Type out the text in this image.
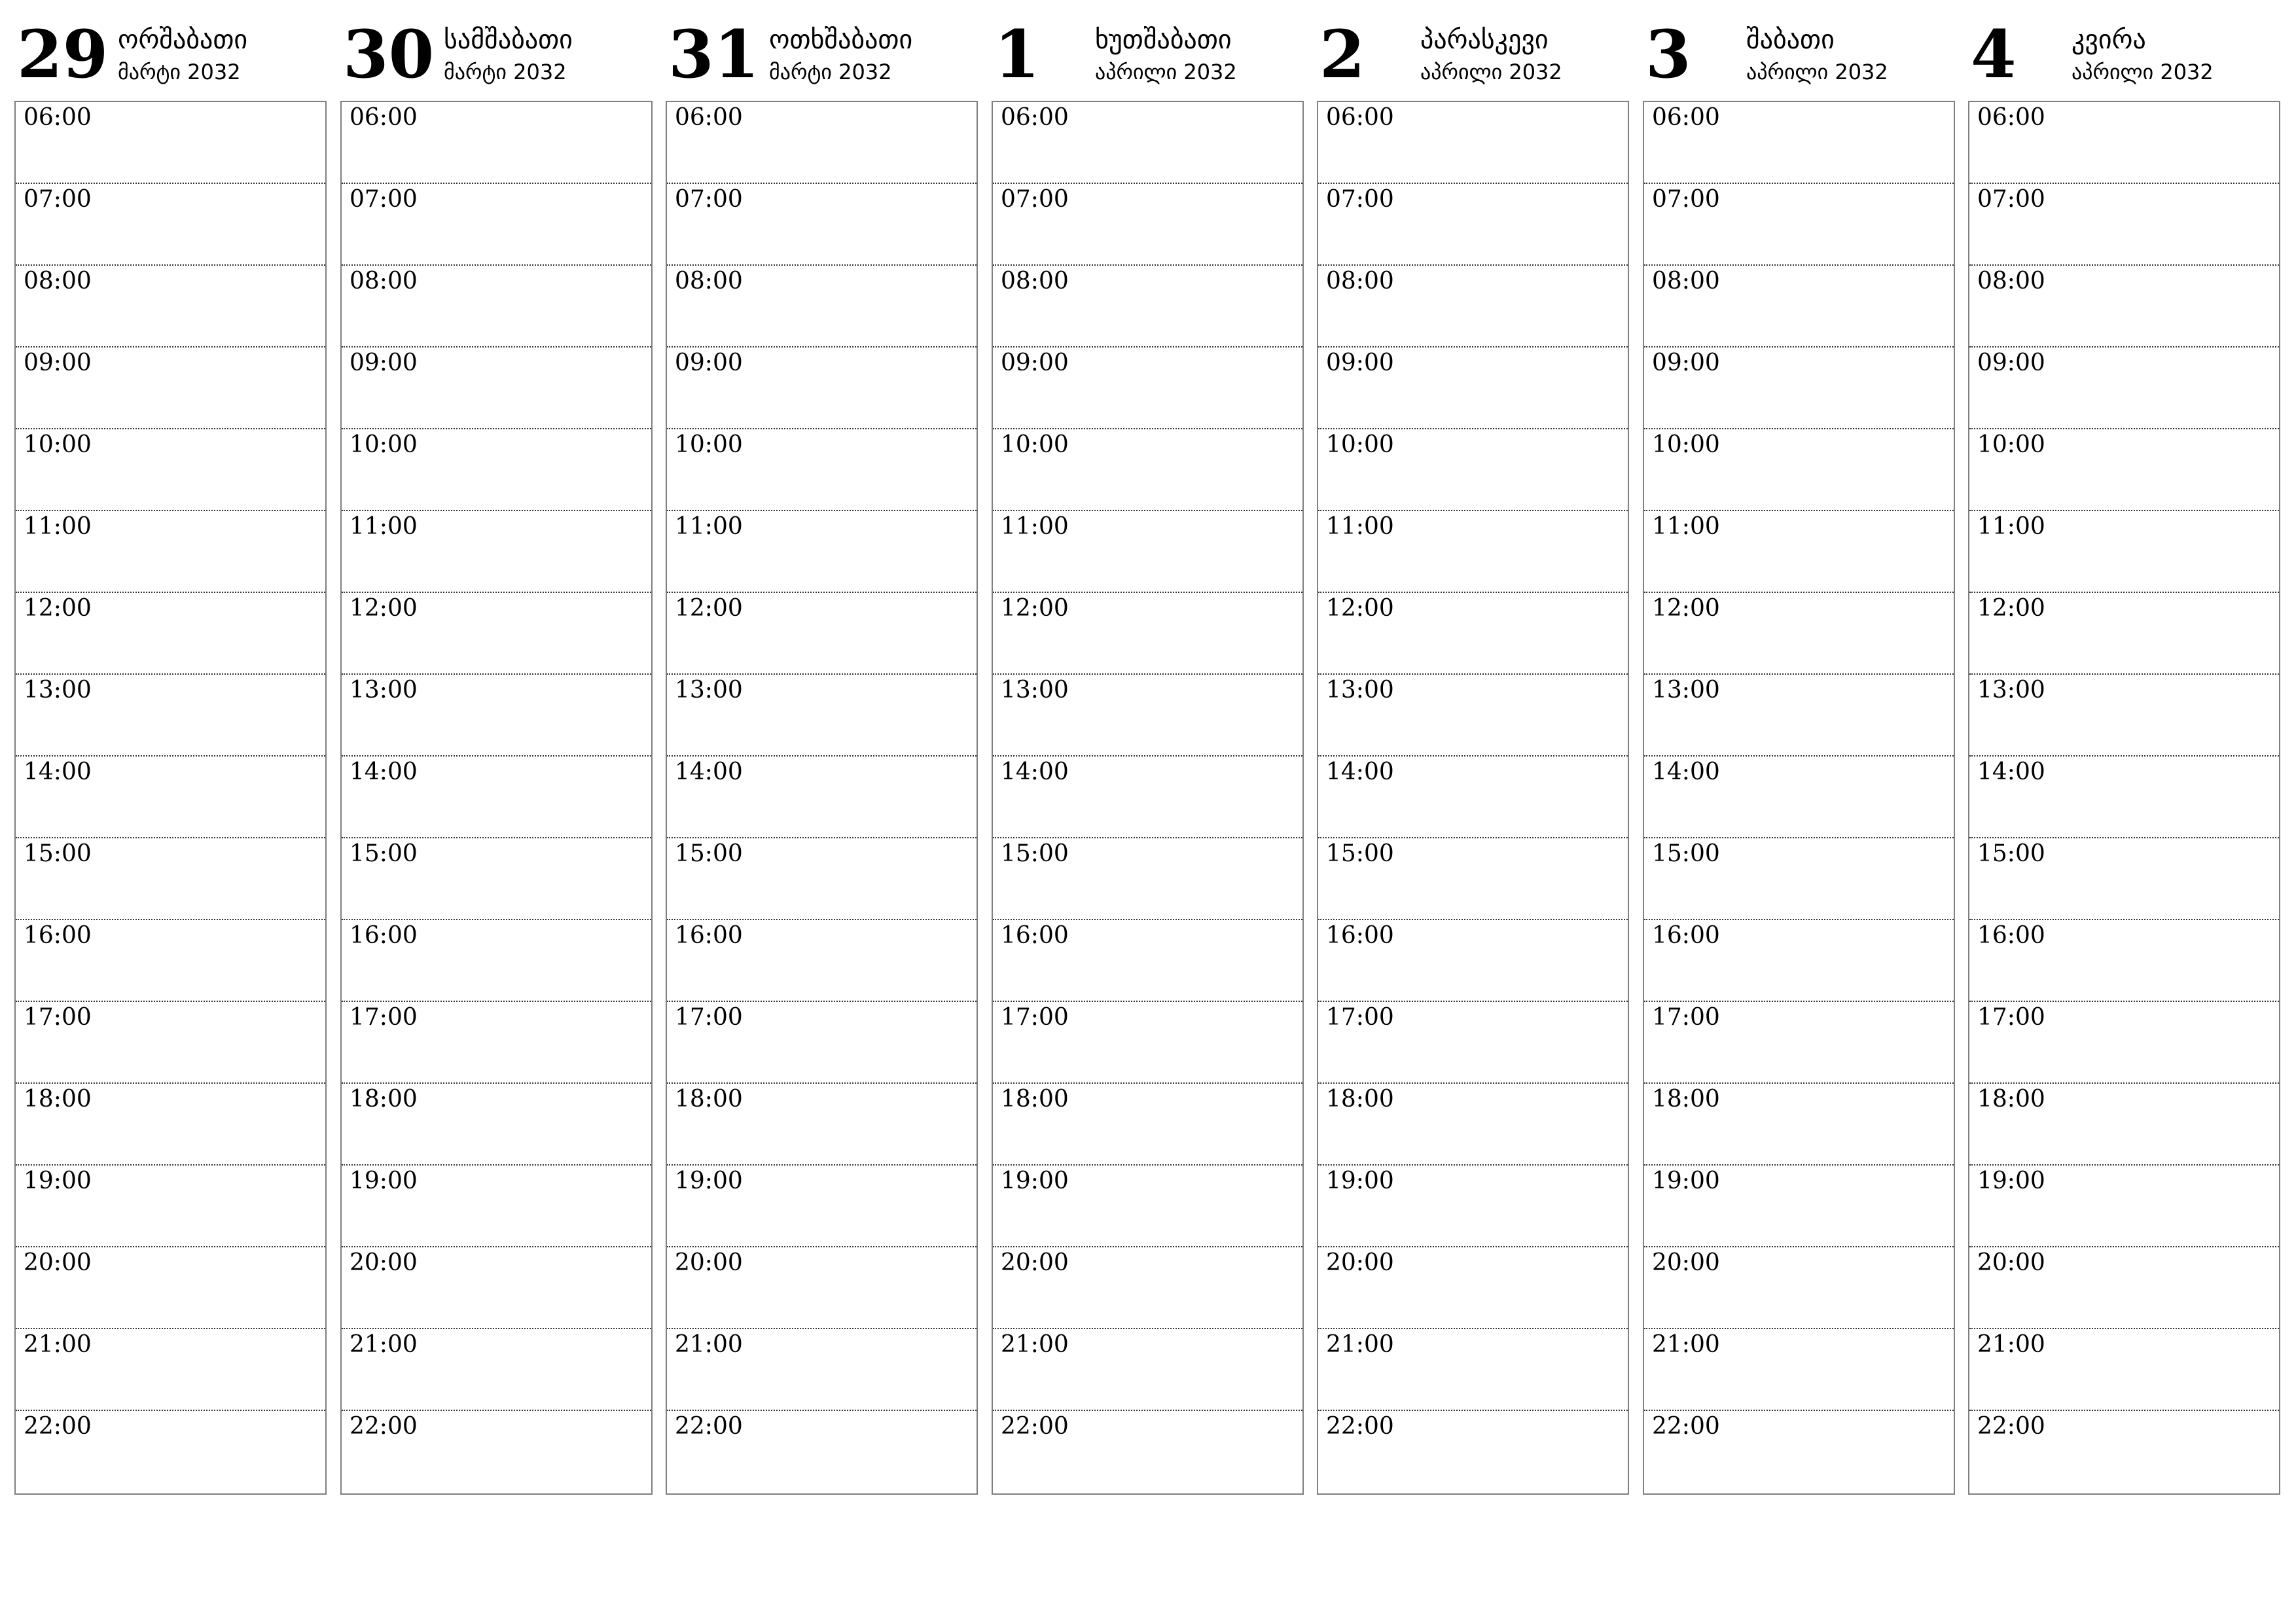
29 ორშაბათი
მარტი 2032
06:00
07:00
08:00
09:00
10:00
11:00
12:00
13:00
14:00
15:00
16:00
17:00
18:00
19:00
20:00
21:00
22:00
30 სამშაბათი
მარტი 2032
06:00
07:00
08:00
09:00
10:00
11:00
12:00
13:00
14:00
15:00
16:00
17:00
18:00
19:00
20:00
21:00
22:00
31 ოთხშაბათი
მარტი 2032
06:00
07:00
08:00
09:00
10:00
11:00
12:00
13:00
14:00
15:00
16:00
17:00
18:00
19:00
20:00
21:00
22:00
1 ხუთშაბათი
აპრილი 2032
06:00
07:00
08:00
09:00
10:00
11:00
12:00
13:00
14:00
15:00
16:00
17:00
18:00
19:00
20:00
21:00
22:00
2 პარასკევი
აპრილი 2032
06:00
07:00
08:00
09:00
10:00
11:00
12:00
13:00
14:00
15:00
16:00
17:00
18:00
19:00
20:00
21:00
22:00
3 შაბათი
აპრილი 2032
06:00
07:00
08:00
09:00
10:00
11:00
12:00
13:00
14:00
15:00
16:00
17:00
18:00
19:00
20:00
21:00
22:00
4 კვირა
აპრილი 2032
06:00
07:00
08:00
09:00
10:00
11:00
12:00
13:00
14:00
15:00
16:00
17:00
18:00
19:00
20:00
21:00
22:00
